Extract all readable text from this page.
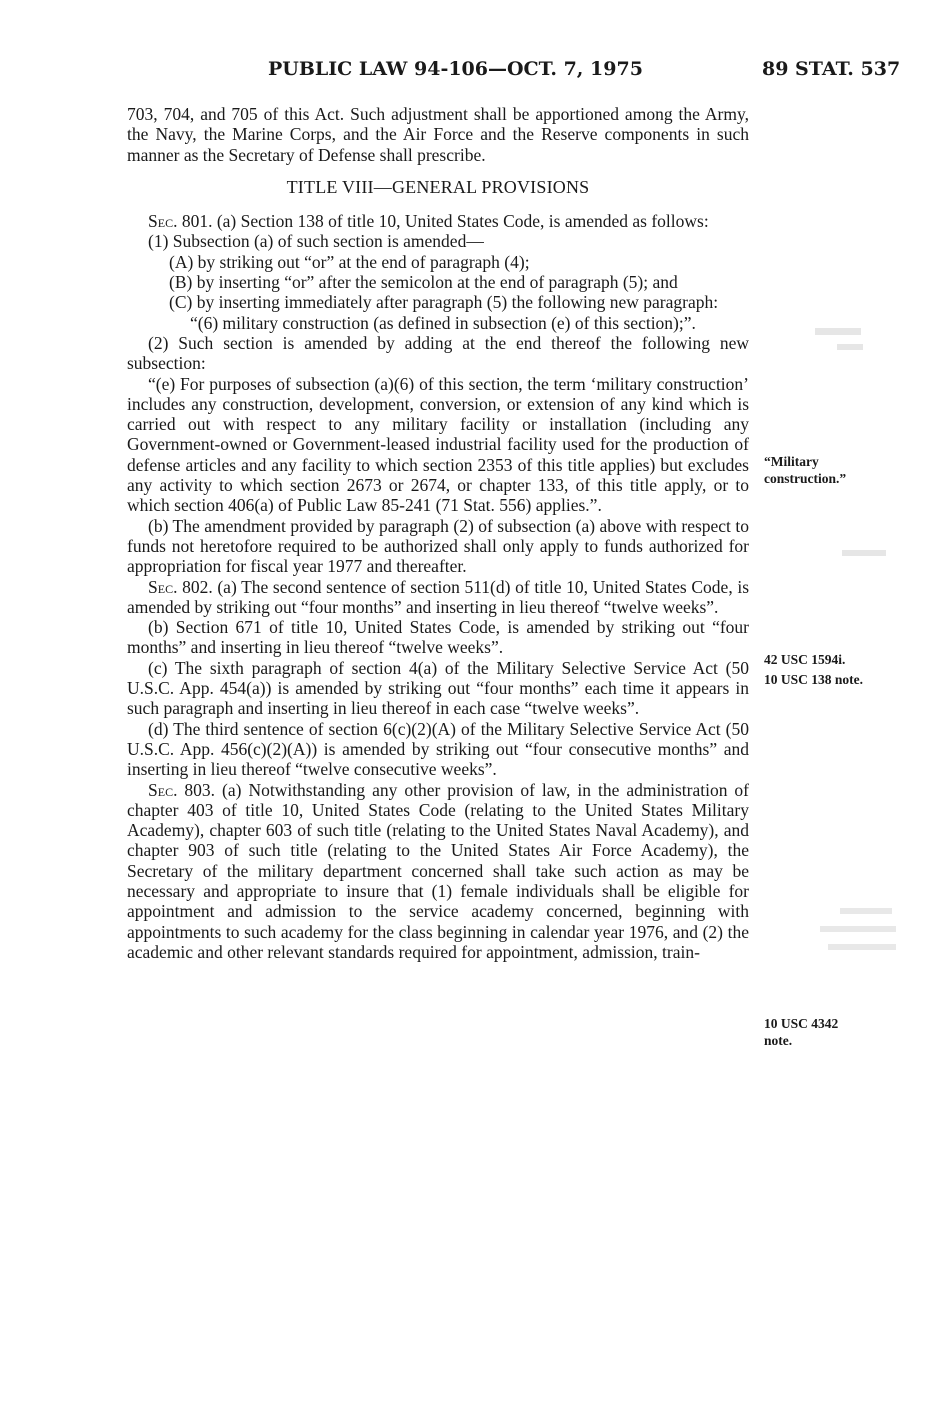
PUBLIC LAW 94-106—OCT. 7, 1975	89 STAT. 537

703, 704, and 705 of this Act. Such adjustment shall be apportioned among the Army, the Navy, the Marine Corps, and the Air Force and the Reserve components in such manner as the Secretary of Defense shall prescribe.

TITLE VIII—GENERAL PROVISIONS

Sec. 801. (a) Section 138 of title 10, United States Code, is amended as follows:

(1) Subsection (a) of such section is amended—

(A) by striking out “or” at the end of paragraph (4);

(B) by inserting “or” after the semicolon at the end of paragraph (5); and

(C) by inserting immediately after paragraph (5) the following new paragraph:

“(6) military construction (as defined in subsection (e) of this section);”.

(2) Such section is amended by adding at the end thereof the following new subsection:

“(e) For purposes of subsection (a)(6) of this section, the term ‘military construction’ includes any construction, development, conversion, or extension of any kind which is carried out with respect to any military facility or installation (including any Government-owned or Government-leased industrial facility used for the production of defense articles and any facility to which section 2353 of this title applies) but excludes any activity to which section 2673 or 2674, or chapter 133, of this title apply, or to which section 406(a) of Public Law 85-241 (71 Stat. 556) applies.”.

(b) The amendment provided by paragraph (2) of subsection (a) above with respect to funds not heretofore required to be authorized shall only apply to funds authorized for appropriation for fiscal year 1977 and thereafter.

Sec. 802. (a) The second sentence of section 511(d) of title 10, United States Code, is amended by striking out “four months” and inserting in lieu thereof “twelve weeks”.

(b) Section 671 of title 10, United States Code, is amended by striking out “four months” and inserting in lieu thereof “twelve weeks”.

(c) The sixth paragraph of section 4(a) of the Military Selective Service Act (50 U.S.C. App. 454(a)) is amended by striking out “four months” each time it appears in such paragraph and inserting in lieu thereof in each case “twelve weeks”.

(d) The third sentence of section 6(c)(2)(A) of the Military Selective Service Act (50 U.S.C. App. 456(c)(2)(A)) is amended by striking out “four consecutive months” and inserting in lieu thereof “twelve consecutive weeks”.

Sec. 803. (a) Notwithstanding any other provision of law, in the administration of chapter 403 of title 10, United States Code (relating to the United States Military Academy), chapter 603 of such title (relating to the United States Naval Academy), and chapter 903 of such title (relating to the United States Air Force Academy), the Secretary of the military department concerned shall take such action as may be necessary and appropriate to insure that (1) female individuals shall be eligible for appointment and admission to the service academy concerned, beginning with appointments to such academy for the class beginning in calendar year 1976, and (2) the academic and other relevant standards required for appointment, admission, train-

“Military construction.”
42 USC 1594i.
10 USC 138 note.
10 USC 4342 note.
